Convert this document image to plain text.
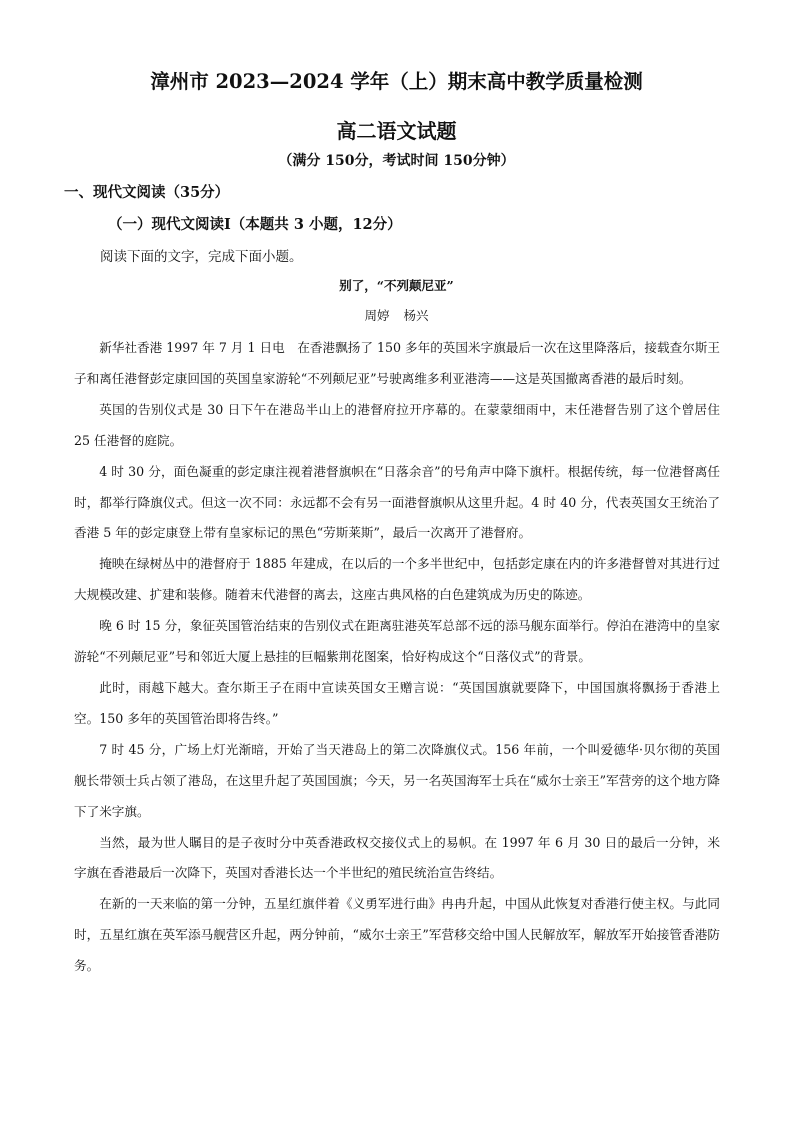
漳州市 2023—2024 学年（上）期末高中教学质量检测
高二语文试题
（满分 150分，考试时间 150分钟）
一、现代文阅读（35分）
（一）现代文阅读Ⅰ（本题共 3 小题，12分）
阅读下面的文字，完成下面小题。
别了，“不列颠尼亚”
周婷 杨兴

新华社香港 1997 年 7 月 1 日电　在香港飘扬了 150 多年的英国米字旗最后一次在这里降落后，接载查尔斯王子和离任港督彭定康回国的英国皇家游轮“不列颠尼亚”号驶离维多利亚港湾——这是英国撤离香港的最后时刻。

英国的告别仪式是 30 日下午在港岛半山上的港督府拉开序幕的。在蒙蒙细雨中，末任港督告别了这个曾居住 25 任港督的庭院。

4 时 30 分，面色凝重的彭定康注视着港督旗帜在“日落余音”的号角声中降下旗杆。根据传统，每一位港督离任时，都举行降旗仪式。但这一次不同：永远都不会有另一面港督旗帜从这里升起。4 时 40 分，代表英国女王统治了香港 5 年的彭定康登上带有皇家标记的黑色“劳斯莱斯”，最后一次离开了港督府。

掩映在绿树丛中的港督府于 1885 年建成，在以后的一个多半世纪中，包括彭定康在内的许多港督曾对其进行过大规模改建、扩建和装修。随着末代港督的离去，这座古典风格的白色建筑成为历史的陈迹。

晚 6 时 15 分，象征英国管治结束的告别仪式在距离驻港英军总部不远的添马舰东面举行。停泊在港湾中的皇家游轮“不列颠尼亚”号和邻近大厦上悬挂的巨幅紫荆花图案，恰好构成这个“日落仪式”的背景。

此时，雨越下越大。查尔斯王子在雨中宣读英国女王赠言说：“英国国旗就要降下，中国国旗将飘扬于香港上空。150 多年的英国管治即将告终。”

7 时 45 分，广场上灯光渐暗，开始了当天港岛上的第二次降旗仪式。156 年前，一个叫爱德华·贝尔彻的英国舰长带领士兵占领了港岛，在这里升起了英国国旗；今天，另一名英国海军士兵在“威尔士亲王”军营旁的这个地方降下了米字旗。

当然，最为世人瞩目的是子夜时分中英香港政权交接仪式上的易帜。在 1997 年 6 月 30 日的最后一分钟，米字旗在香港最后一次降下，英国对香港长达一个半世纪的殖民统治宣告终结。

在新的一天来临的第一分钟，五星红旗伴着《义勇军进行曲》冉冉升起，中国从此恢复对香港行使主权。与此同时，五星红旗在英军添马舰营区升起，两分钟前，“威尔士亲王”军营移交给中国人民解放军，解放军开始接管香港防务。
